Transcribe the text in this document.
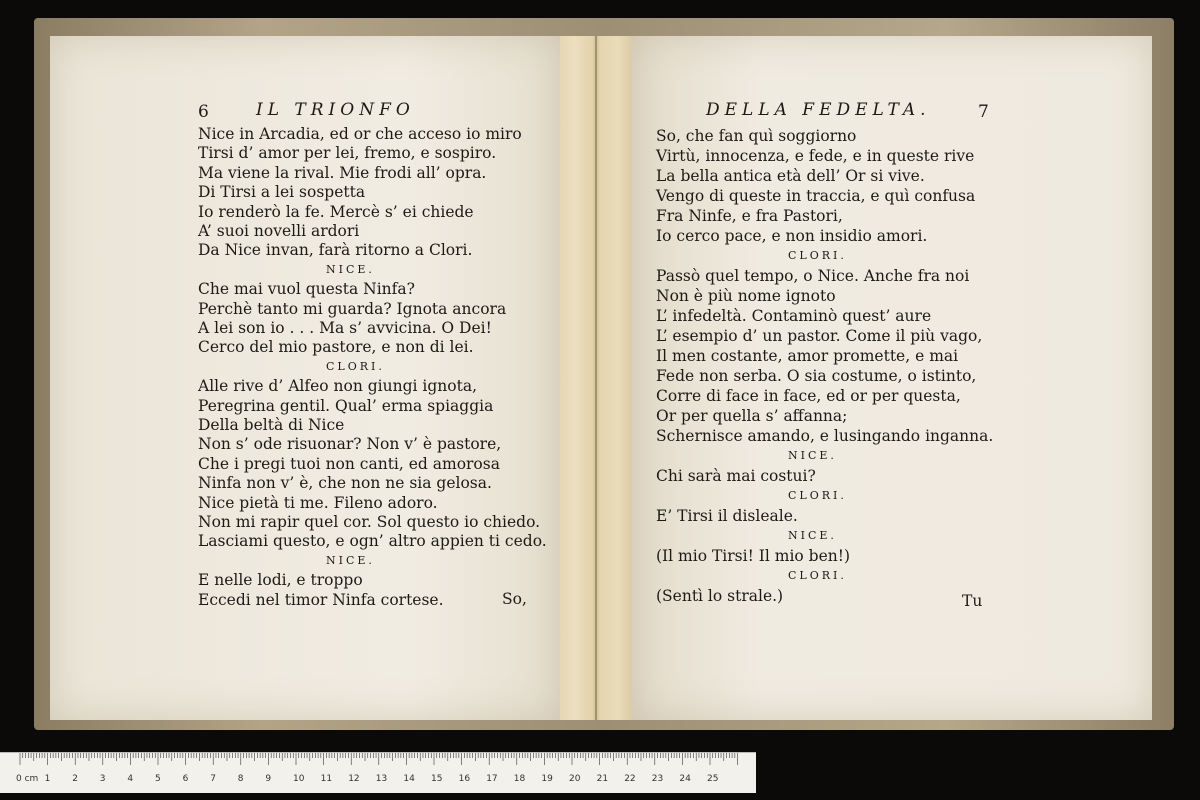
6	IL TRIONFO
Nice in Arcadia, ed or che acceso io miro
Tirsi d’ amor per lei, fremo, e sospiro.
Ma viene la rival. Mie frodi all’ opra.
Di Tirsi a lei sospetta
Io renderò la fe. Mercè s’ ei chiede
A’ suoi novelli ardori
Da Nice invan, farà ritorno a Clori.
NICE.
Che mai vuol questa Ninfa?
Perchè tanto mi guarda? Ignota ancora
A lei son io . . . Ma s’ avvicina. O Dei!
Cerco del mio pastore, e non di lei.
CLORI.
Alle rive d’ Alfeo non giungi ignota,
Peregrina gentil. Qual’ erma spiaggia
Della beltà di Nice
Non s’ ode risuonar? Non v’ è pastore,
Che i pregi tuoi non canti, ed amorosa
Ninfa non v’ è, che non ne sia gelosa.
Nice pietà ti me. Fileno adoro.
Non mi rapir quel cor. Sol questo io chiedo.
Lasciami questo, e ogn’ altro appien ti cedo.
NICE.
E nelle lodi, e troppo
Eccedi nel timor Ninfa cortese.	So,
DELLA FEDELTA.	7
So, che fan quì soggiorno
Virtù, innocenza, e fede, e in queste rive
La bella antica età dell’ Or si vive.
Vengo di queste in traccia, e quì confusa
Fra Ninfe, e fra Pastori,
Io cerco pace, e non insidio amori.
CLORI.
Passò quel tempo, o Nice. Anche fra noi
Non è più nome ignoto
L’ infedeltà. Contaminò quest’ aure
L’ esempio d’ un pastor. Come il più vago,
Il men costante, amor promette, e mai
Fede non serba. O sia costume, o istinto,
Corre di face in face, ed or per questa,
Or per quella s’ affanna;
Schernisce amando, e lusingando inganna.
NICE.
Chi sarà mai costui?
CLORI.
E’ Tirsi il disleale.
NICE.
(Il mio Tirsi! Il mio ben!)
CLORI.
(Sentì lo strale.)	Tu
0 cm 1 2 3 4 5 6 7 8 9 10 11 12 13 14 15 16 17 18 19 20 21 22 23 24 25
